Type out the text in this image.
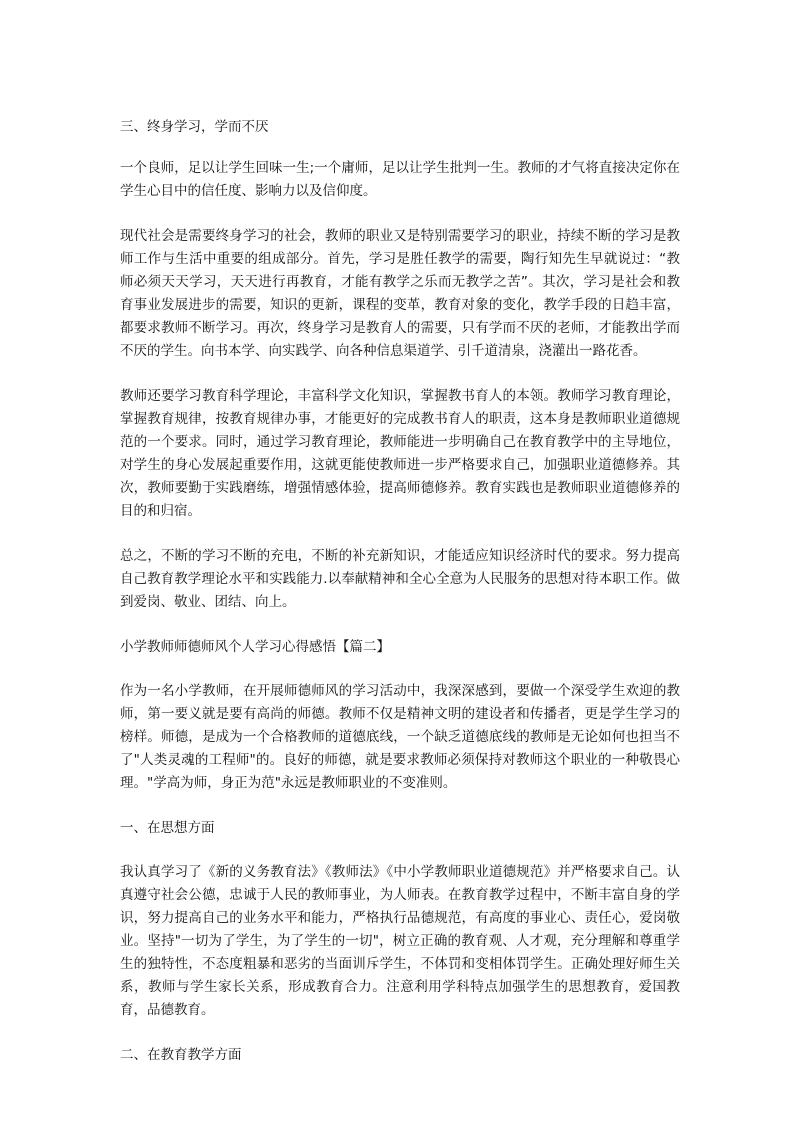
三、终身学习，学而不厌

一个良师，足以让学生回味一生;一个庸师，足以让学生批判一生。教师的才气将直接决定你在学生心目中的信任度、影响力以及信仰度。

现代社会是需要终身学习的社会，教师的职业又是特别需要学习的职业，持续不断的学习是教师工作与生活中重要的组成部分。首先，学习是胜任教学的需要，陶行知先生早就说过：“教师必须天天学习，天天进行再教育，才能有教学之乐而无教学之苦”。其次，学习是社会和教育事业发展进步的需要，知识的更新，课程的变革，教育对象的变化，教学手段的日趋丰富，都要求教师不断学习。再次，终身学习是教育人的需要，只有学而不厌的老师，才能教出学而不厌的学生。向书本学、向实践学、向各种信息渠道学、引千道清泉，浇灌出一路花香。

教师还要学习教育科学理论，丰富科学文化知识，掌握教书育人的本领。教师学习教育理论，掌握教育规律，按教育规律办事，才能更好的完成教书育人的职责，这本身是教师职业道德规范的一个要求。同时，通过学习教育理论，教师能进一步明确自己在教育教学中的主导地位，对学生的身心发展起重要作用，这就更能使教师进一步严格要求自己，加强职业道德修养。其次，教师要勤于实践磨练，增强情感体验，提高师德修养。教育实践也是教师职业道德修养的目的和归宿。

总之，不断的学习不断的充电，不断的补充新知识，才能适应知识经济时代的要求。努力提高自己教育教学理论水平和实践能力.以奉献精神和全心全意为人民服务的思想对待本职工作。做到爱岗、敬业、团结、向上。

小学教师师德师风个人学习心得感悟【篇二】

作为一名小学教师，在开展师德师风的学习活动中，我深深感到，要做一个深受学生欢迎的教师，第一要义就是要有高尚的师德。教师不仅是精神文明的建设者和传播者，更是学生学习的榜样。师德，是成为一个合格教师的道德底线，一个缺乏道德底线的教师是无论如何也担当不了"人类灵魂的工程师"的。良好的师德，就是要求教师必须保持对教师这个职业的一种敬畏心理。"学高为师，身正为范"永远是教师职业的不变准则。

一、在思想方面

我认真学习了《新的义务教育法》《教师法》《中小学教师职业道德规范》并严格要求自己。认真遵守社会公德，忠诚于人民的教师事业，为人师表。在教育教学过程中，不断丰富自身的学识，努力提高自己的业务水平和能力，严格执行品德规范，有高度的事业心、责任心，爱岗敬业。坚持"一切为了学生，为了学生的一切"，树立正确的教育观、人才观，充分理解和尊重学生的独特性，不态度粗暴和恶劣的当面训斥学生，不体罚和变相体罚学生。正确处理好师生关系，教师与学生家长关系，形成教育合力。注意利用学科特点加强学生的思想教育，爱国教育，品德教育。

二、在教育教学方面
